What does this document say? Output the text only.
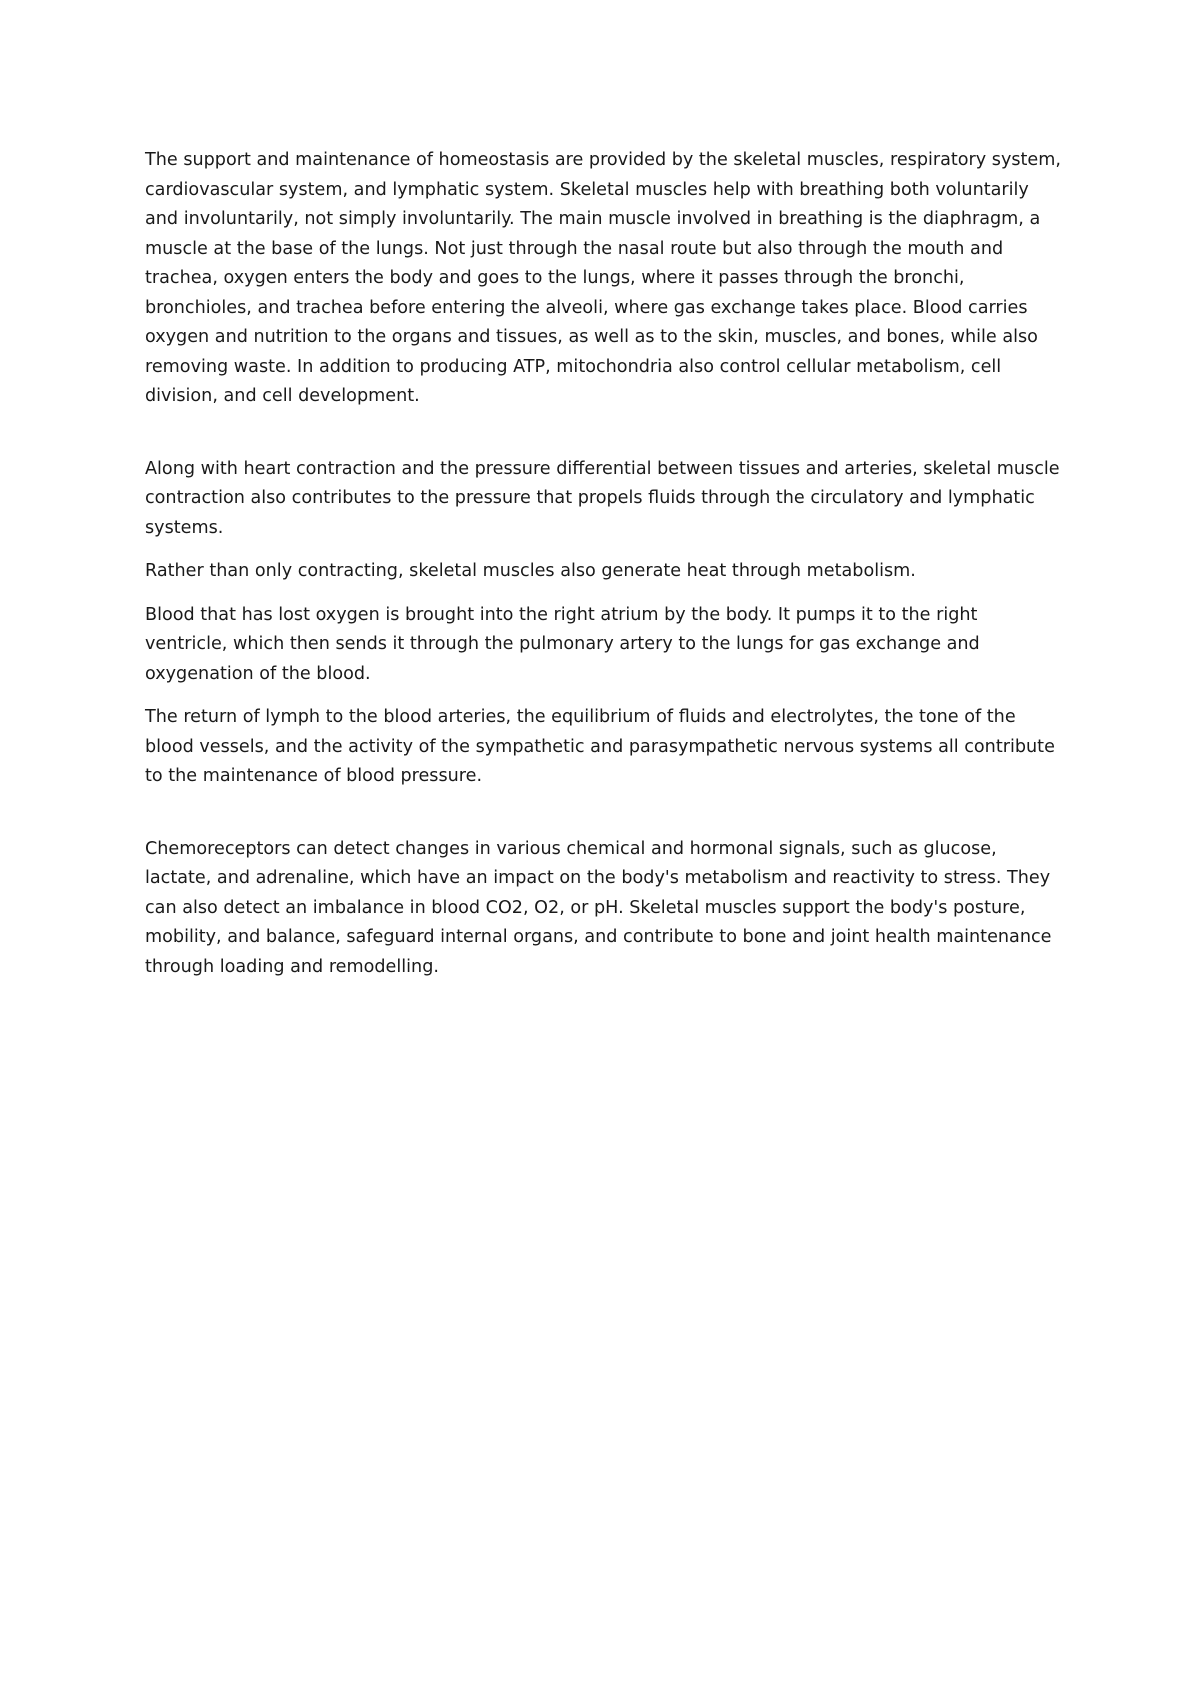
The support and maintenance of homeostasis are provided by the skeletal muscles, respiratory system, cardiovascular system, and lymphatic system. Skeletal muscles help with breathing both voluntarily and involuntarily, not simply involuntarily. The main muscle involved in breathing is the diaphragm, a muscle at the base of the lungs. Not just through the nasal route but also through the mouth and trachea, oxygen enters the body and goes to the lungs, where it passes through the bronchi, bronchioles, and trachea before entering the alveoli, where gas exchange takes place. Blood carries oxygen and nutrition to the organs and tissues, as well as to the skin, muscles, and bones, while also removing waste. In addition to producing ATP, mitochondria also control cellular metabolism, cell division, and cell development.

Along with heart contraction and the pressure differential between tissues and arteries, skeletal muscle contraction also contributes to the pressure that propels fluids through the circulatory and lymphatic systems.

Rather than only contracting, skeletal muscles also generate heat through metabolism.

Blood that has lost oxygen is brought into the right atrium by the body. It pumps it to the right ventricle, which then sends it through the pulmonary artery to the lungs for gas exchange and oxygenation of the blood.

The return of lymph to the blood arteries, the equilibrium of fluids and electrolytes, the tone of the blood vessels, and the activity of the sympathetic and parasympathetic nervous systems all contribute to the maintenance of blood pressure.

Chemoreceptors can detect changes in various chemical and hormonal signals, such as glucose, lactate, and adrenaline, which have an impact on the body's metabolism and reactivity to stress. They can also detect an imbalance in blood CO2, O2, or pH. Skeletal muscles support the body's posture, mobility, and balance, safeguard internal organs, and contribute to bone and joint health maintenance through loading and remodelling.
